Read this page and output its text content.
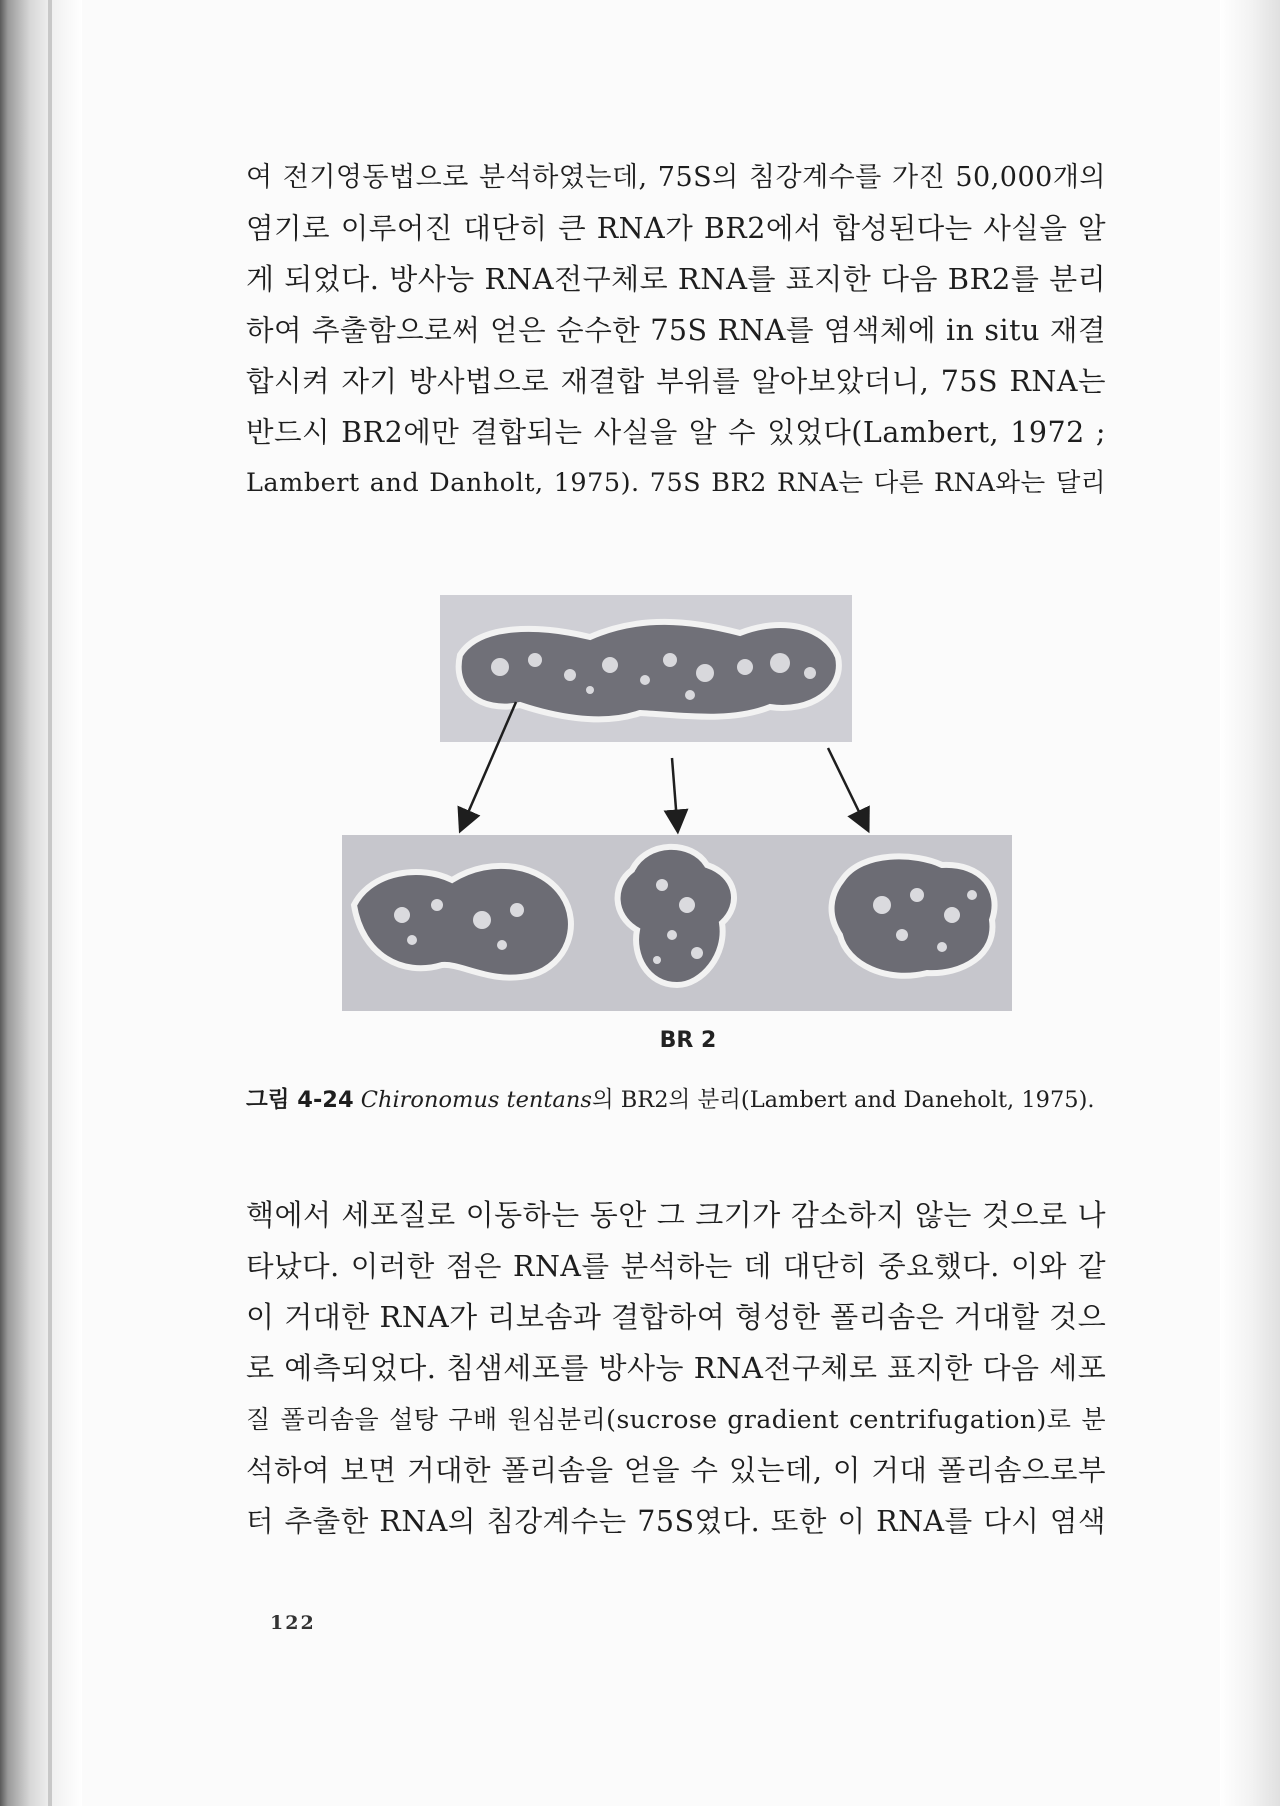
여 전기영동법으로 분석하였는데, 75S의 침강계수를 가진 50,000개의
염기로 이루어진 대단히 큰 RNA가 BR2에서 합성된다는 사실을 알
게 되었다. 방사능 RNA전구체로 RNA를 표지한 다음 BR2를 분리
하여 추출함으로써 얻은 순수한 75S RNA를 염색체에 in situ 재결
합시켜 자기 방사법으로 재결합 부위를 알아보았더니, 75S RNA는
반드시 BR2에만 결합되는 사실을 알 수 있었다(Lambert, 1972 ;
Lambert and Danholt, 1975). 75S BR2 RNA는 다른 RNA와는 달리
BR 2
그림 4-24 Chironomus tentans의 BR2의 분리(Lambert and Daneholt, 1975).
핵에서 세포질로 이동하는 동안 그 크기가 감소하지 않는 것으로 나
타났다. 이러한 점은 RNA를 분석하는 데 대단히 중요했다. 이와 같
이 거대한 RNA가 리보솜과 결합하여 형성한 폴리솜은 거대할 것으
로 예측되었다. 침샘세포를 방사능 RNA전구체로 표지한 다음 세포
질 폴리솜을 설탕 구배 원심분리(sucrose gradient centrifugation)로 분
석하여 보면 거대한 폴리솜을 얻을 수 있는데, 이 거대 폴리솜으로부
터 추출한 RNA의 침강계수는 75S였다. 또한 이 RNA를 다시 염색
122
